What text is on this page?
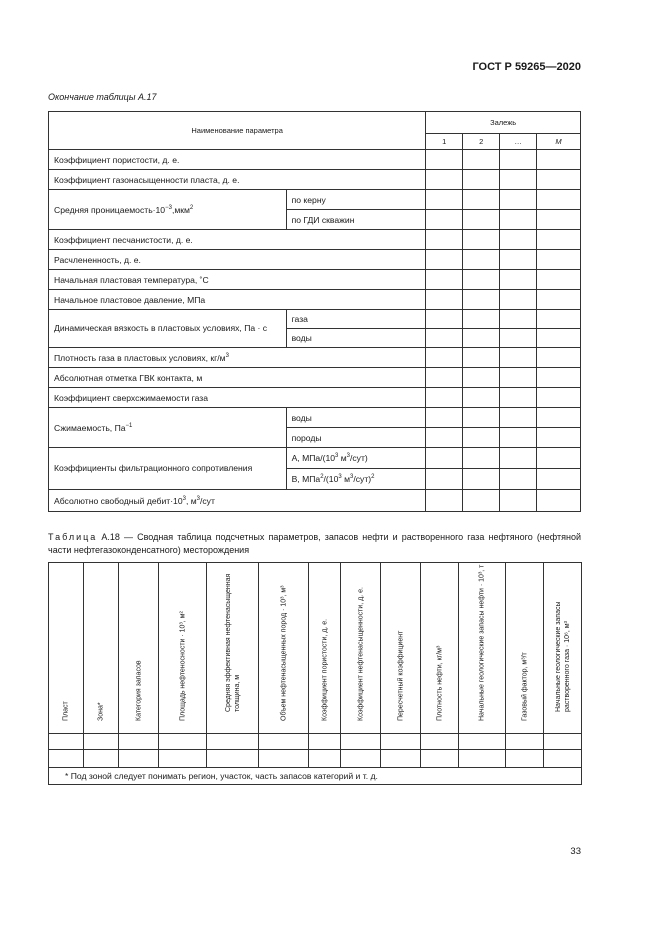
ГОСТ Р 59265—2020
Окончание таблицы А.17
Наименование параметра		Залежь			
		1	2	…	M
Коэффициент пористости, д. е.					
Коэффициент газонасыщенности пласта, д. е.					
Средняя $проницаемость\cdot 10^{-3},мкм^2$	по керну				
	по ГДИ скважин				
Коэффициент песчанистости, д. е.					
Расчлененность, д. е.					
Начальная пластовая температура, ˚C					
Начальное пластовое давление, МПа					
Динамическая вязкость в пластовых условиях, Па · с	газа				
	воды				
Плотность газа в пластовых условиях, $кг/м^3$				
Абсолютная отметка ГВК контакта, м					
Коэффициент сверхсжимаемости газа					
Сжимаемость, $Па^{-1}$	воды				
	породы				
Коэффициенты фильтрационного сопротивления	А, МПа/($10^3$ $м^3/сут$)				
	В, $МПа^2/(10^3$ $м^3/сут)^2$				
Абсолютно свободный $дебит\cdot 10^3$, $м^3$/сут					
Таблица А.18 — Сводная таблица подсчетных параметров, запасов нефти и растворенного газа нефтяного (нефтяной части нефтегазоконденсатного) месторождения
Пласт	Зона*	Категория запасов	Площадь нефтеносности · 10³, м²	Средняя эффективная нефтенасыщенная толщина, м	Объем нефтенасыщенных пород · 10³, м³	Коэффициент пористости, д. е.	Коэффициент нефтенасыщенности, д. е.	Пересчетный коэффициент	Плотность нефти, кг/м³	Начальные геологические запасы нефти · 10³, т	Газовый фактор, м³/т	Начальные геологические запасы растворенного газа · 10⁶, м³

* Под зоной следует понимать регион, участок, часть запасов категорий и т. д.												
33
